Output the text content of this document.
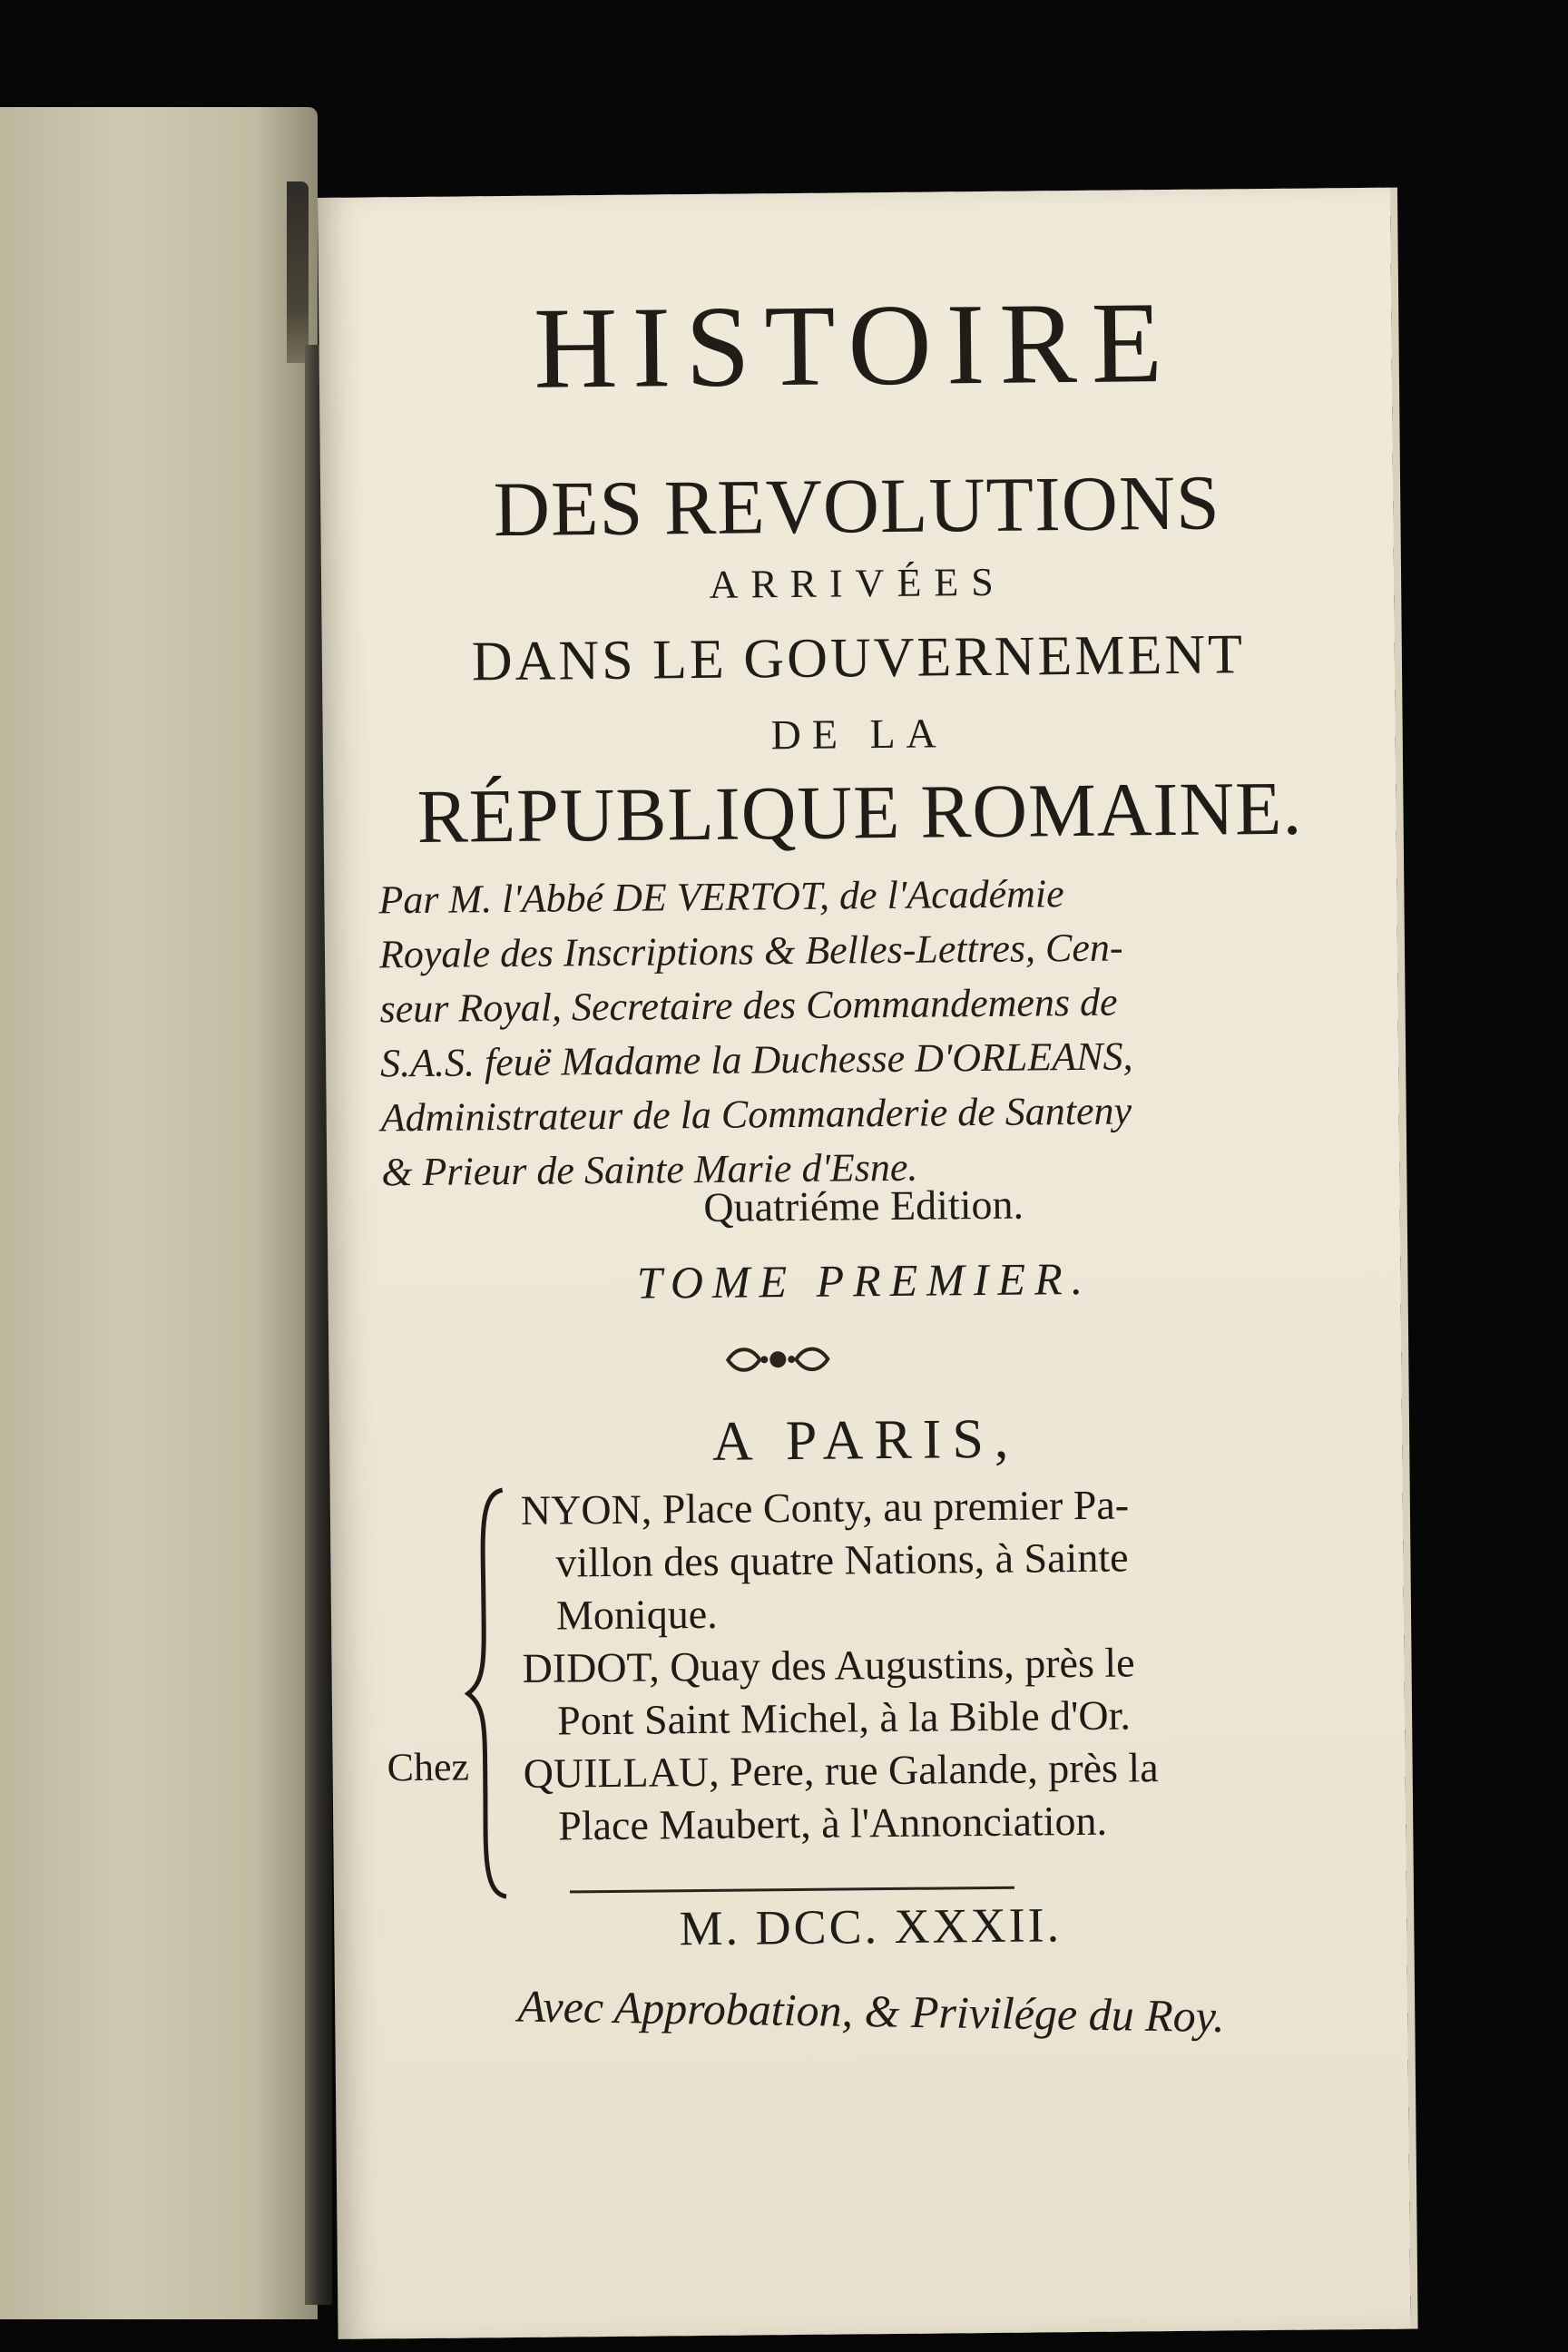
HISTOIRE
DES REVOLUTIONS
ARRIVÉES
DANS LE GOUVERNEMENT
DE LA
RÉPUBLIQUE ROMAINE.
Par M. l'Abbé DE VERTOT, de l'Académie
Royale des Inscriptions & Belles-Lettres, Cen-
seur Royal, Secretaire des Commandemens de
S.A.S. feuë Madame la Duchesse D'ORLEANS,
Administrateur de la Commanderie de Santeny
& Prieur de Sainte Marie d'Esne.
Quatriéme Edition.
TOME PREMIER.
A PARIS,
Chez
NYON, Place Conty, au premier Pa-
villon des quatre Nations, à Sainte
Monique.
DIDOT, Quay des Augustins, près le
Pont Saint Michel, à la Bible d'Or.
QUILLAU, Pere, rue Galande, près la
Place Maubert, à l'Annonciation.
M. DCC. XXXII.
Avec Approbation, & Privilége du Roy.
